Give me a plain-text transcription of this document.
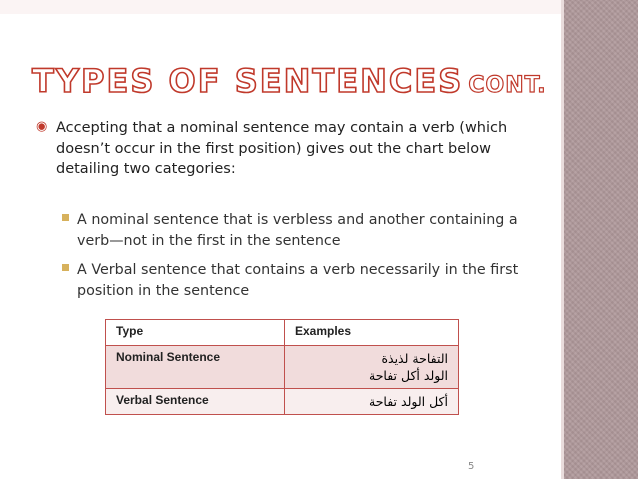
TYPES OF SENTENCES CONT.
◉ Accepting that a nominal sentence may contain a verb (which doesn’t occur in the first position) gives out the chart below detailing two categories:
A nominal sentence that is verbless and another containing a verb—not in the first in the sentence
A Verbal sentence that contains a verb necessarily in the first position in the sentence
Type	Examples
Nominal Sentence	التفاحة لذيذة
الولد أكل تفاحة

Verbal Sentence	أكل الولد تفاحة
5
